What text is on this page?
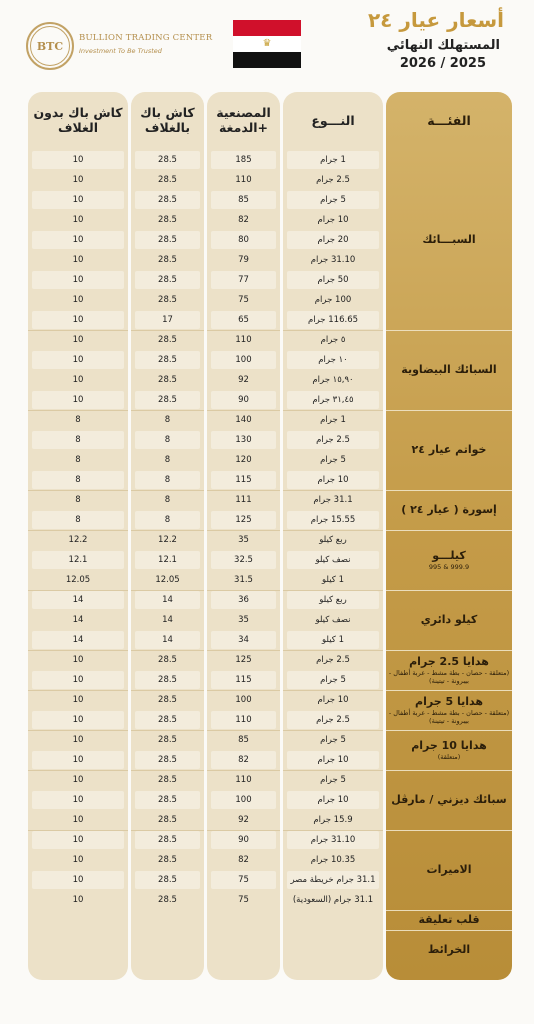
BTC
BULLION TRADING CENTER
Investment To Be Trusted
♛
أسعار عيار ٢٤
المستهلك النهائي
2026 / 2025
الفئـــة
السبـــائك
السبائك البيضاوية
خواتم عيار ٢٤
إسورة ( عيار ٢٤ )
كيلـــو
999.9 & 995
كيلو دائري
هدايا 2.5 جرام
(متعلقة - حصان - بطة مشط - عربة أطفال - بيبرونة - تيتينة)
هدايا 5 جرام
(متعلقة - حصان - بطة مشط - عربة أطفال - بيبرونة - تيتينة)
هدايا 10 جرام
(متعلقة)
سبائك ديزني / مارڤل
الاميرات
قلب تعليقة
الخرائط
النـــوع
1 جرام
2.5 جرام
5 جرام
10 جرام
20 جرام
31.10 جرام
50 جرام
100 جرام
116.65 جرام
٥ جرام
١٠ جرام
١٥,٩٠ جرام
٣١,٤٥ جرام
1 جرام
2.5 جرام
5 جرام
10 جرام
31.1 جرام
15.55 جرام
ربع كيلو
نصف كيلو
1 كيلو
ربع كيلو
نصف كيلو
1 كيلو
2.5 جرام
5 جرام
10 جرام
2.5 جرام
5 جرام
10 جرام
5 جرام
10 جرام
15.9 جرام
31.10 جرام
10.35 جرام
31.1 جرام خريطة مصر
31.1 جرام (السعودية)
المصنعية +الدمغة
185
110
85
82
80
79
77
75
65
110
100
92
90
140
130
120
115
111
125
35
32.5
31.5
36
35
34
125
115
100
110
85
82
110
100
92
90
82
75
75
كاش باك بالغلاف
28.5
28.5
28.5
28.5
28.5
28.5
28.5
28.5
17
28.5
28.5
28.5
28.5
8
8
8
8
8
8
12.2
12.1
12.05
14
14
14
28.5
28.5
28.5
28.5
28.5
28.5
28.5
28.5
28.5
28.5
28.5
28.5
28.5
كاش باك بدون الغلاف
10
10
10
10
10
10
10
10
10
10
10
10
10
8
8
8
8
8
8
12.2
12.1
12.05
14
14
14
10
10
10
10
10
10
10
10
10
10
10
10
10
